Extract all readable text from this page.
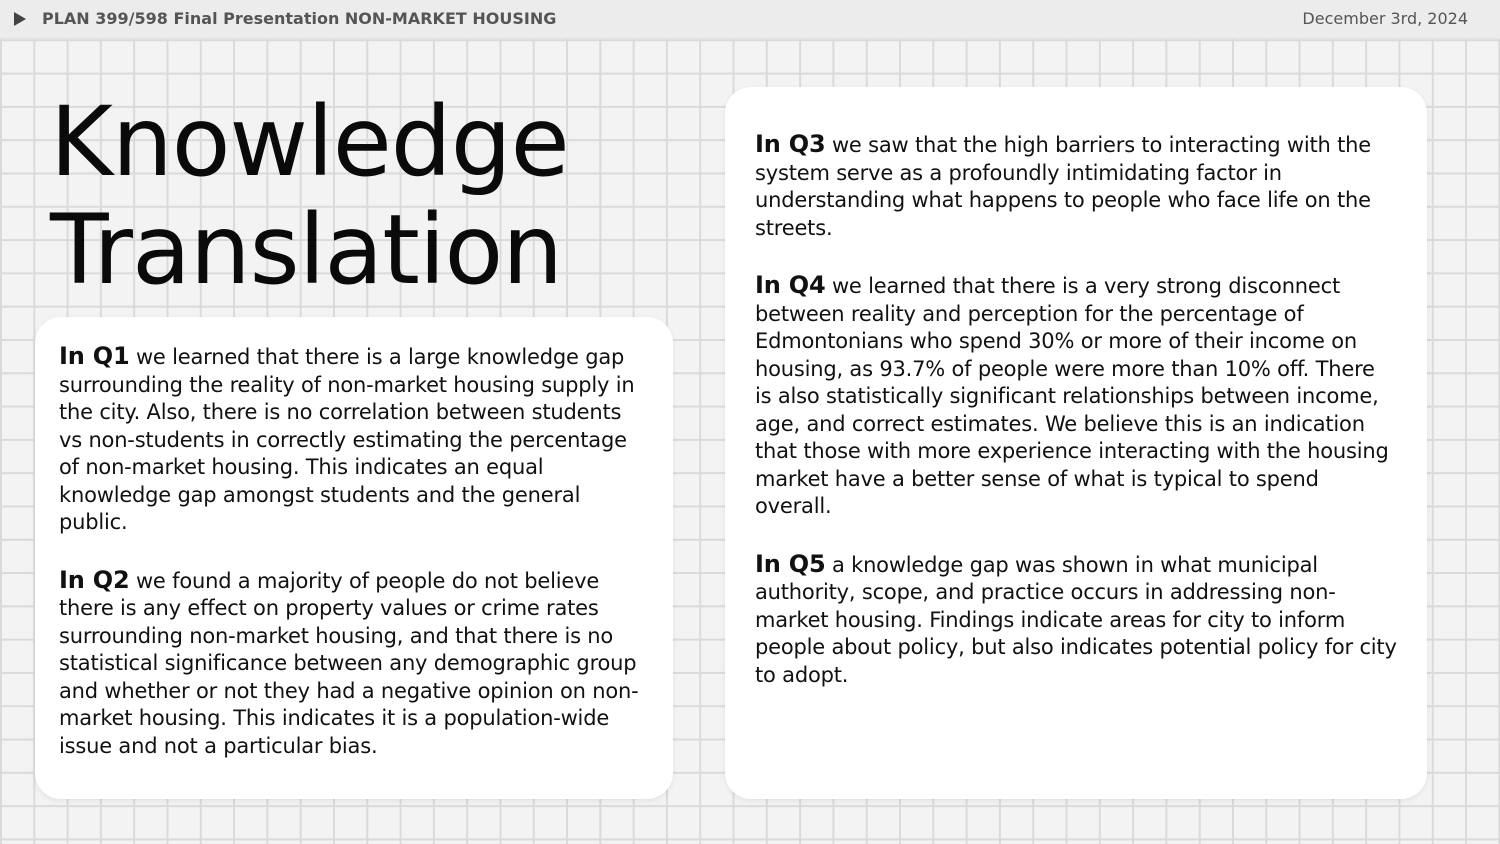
PLAN 399/598 Final Presentation NON-MARKET HOUSING	December 3rd, 2024
Knowledge
Translation

In Q1 we learned that there is a large knowledge gap surrounding the reality of non-market housing supply in the city. Also, there is no correlation between students vs non-students in correctly estimating the percentage of non-market housing. This indicates an equal knowledge gap amongst students and the general public.

In Q2 we found a majority of people do not believe there is any effect on property values or crime rates surrounding non-market housing, and that there is no statistical significance between any demographic group and whether or not they had a negative opinion on non-market housing. This indicates it is a population-wide issue and not a particular bias.

In Q3 we saw that the high barriers to interacting with the system serve as a profoundly intimidating factor in understanding what happens to people who face life on the streets.

In Q4 we learned that there is a very strong disconnect between reality and perception for the percentage of Edmontonians who spend 30% or more of their income on housing, as 93.7% of people were more than 10% off. There is also statistically significant relationships between income, age, and correct estimates. We believe this is an indication that those with more experience interacting with the housing market have a better sense of what is typical to spend overall.

In Q5 a knowledge gap was shown in what municipal authority, scope, and practice occurs in addressing non-market housing. Findings indicate areas for city to inform people about policy, but also indicates potential policy for city to adopt.
